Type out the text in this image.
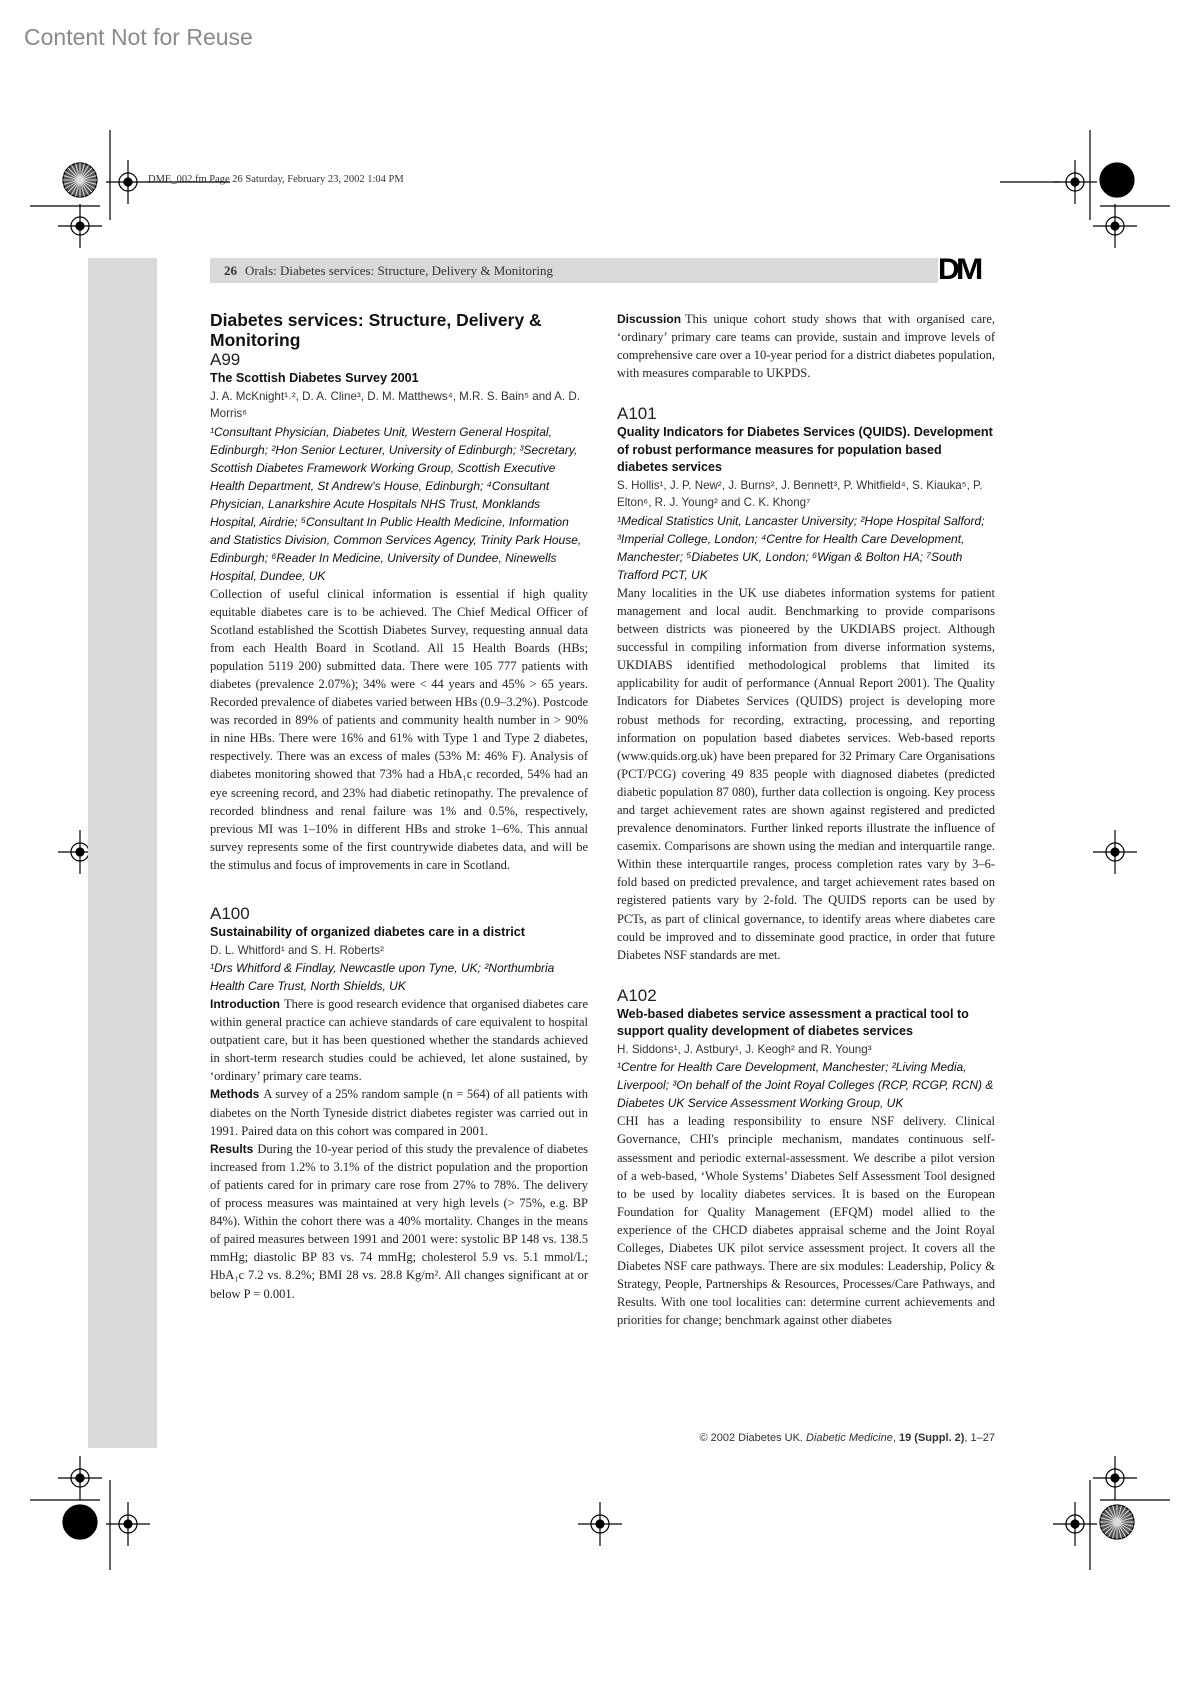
Content Not for Reuse
DME_002.fm Page 26 Saturday, February 23, 2002 1:04 PM
26 Orals: Diabetes services: Structure, Delivery & Monitoring	DM

Diabetes services: Structure, Delivery & Monitoring

A99

The Scottish Diabetes Survey 2001

J. A. McKnight¹˒², D. A. Cline³, D. M. Matthews⁴, M.R. S. Bain⁵ and A. D. Morris⁶

¹Consultant Physician, Diabetes Unit, Western General Hospital, Edinburgh; ²Hon Senior Lecturer, University of Edinburgh; ³Secretary, Scottish Diabetes Framework Working Group, Scottish Executive Health Department, St Andrew's House, Edinburgh; ⁴Consultant Physician, Lanarkshire Acute Hospitals NHS Trust, Monklands Hospital, Airdrie; ⁵Consultant In Public Health Medicine, Information and Statistics Division, Common Services Agency, Trinity Park House, Edinburgh; ⁶Reader In Medicine, University of Dundee, Ninewells Hospital, Dundee, UK

Collection of useful clinical information is essential if high quality equitable diabetes care is to be achieved. The Chief Medical Officer of Scotland established the Scottish Diabetes Survey, requesting annual data from each Health Board in Scotland. All 15 Health Boards (HBs; population 5119 200) submitted data. There were 105 777 patients with diabetes (prevalence 2.07%); 34% were < 44 years and 45% > 65 years. Recorded prevalence of diabetes varied between HBs (0.9–3.2%). Postcode was recorded in 89% of patients and community health number in > 90% in nine HBs. There were 16% and 61% with Type 1 and Type 2 diabetes, respectively. There was an excess of males (53% M: 46% F). Analysis of diabetes monitoring showed that 73% had a HbA₁c recorded, 54% had an eye screening record, and 23% had diabetic retinopathy. The prevalence of recorded blindness and renal failure was 1% and 0.5%, respectively, previous MI was 1–10% in different HBs and stroke 1–6%. This annual survey represents some of the first countrywide diabetes data, and will be the stimulus and focus of improvements in care in Scotland.

A100

Sustainability of organized diabetes care in a district

D. L. Whitford¹ and S. H. Roberts²

¹Drs Whitford & Findlay, Newcastle upon Tyne, UK; ²Northumbria Health Care Trust, North Shields, UK

Introduction There is good research evidence that organised diabetes care within general practice can achieve standards of care equivalent to hospital outpatient care, but it has been questioned whether the standards achieved in short-term research studies could be achieved, let alone sustained, by ‘ordinary’ primary care teams.

Methods A survey of a 25% random sample (n = 564) of all patients with diabetes on the North Tyneside district diabetes register was carried out in 1991. Paired data on this cohort was compared in 2001.

Results During the 10-year period of this study the prevalence of diabetes increased from 1.2% to 3.1% of the district population and the proportion of patients cared for in primary care rose from 27% to 78%. The delivery of process measures was maintained at very high levels (> 75%, e.g. BP 84%). Within the cohort there was a 40% mortality. Changes in the means of paired measures between 1991 and 2001 were: systolic BP 148 vs. 138.5 mmHg; diastolic BP 83 vs. 74 mmHg; cholesterol 5.9 vs. 5.1 mmol/L; HbA₁c 7.2 vs. 8.2%; BMI 28 vs. 28.8 Kg/m². All changes significant at or below P = 0.001.

Discussion This unique cohort study shows that with organised care, ‘ordinary’ primary care teams can provide, sustain and improve levels of comprehensive care over a 10-year period for a district diabetes population, with measures comparable to UKPDS.

A101

Quality Indicators for Diabetes Services (QUIDS). Development of robust performance measures for population based diabetes services

S. Hollis¹, J. P. New², J. Burns², J. Bennett³, P. Whitfield⁴, S. Kiauka⁵, P. Elton⁶, R. J. Young² and C. K. Khong⁷

¹Medical Statistics Unit, Lancaster University; ²Hope Hospital Salford; ³Imperial College, London; ⁴Centre for Health Care Development, Manchester; ⁵Diabetes UK, London; ⁶Wigan & Bolton HA; ⁷South Trafford PCT, UK

Many localities in the UK use diabetes information systems for patient management and local audit. Benchmarking to provide comparisons between districts was pioneered by the UKDIABS project. Although successful in compiling information from diverse information systems, UKDIABS identified methodological problems that limited its applicability for audit of performance (Annual Report 2001). The Quality Indicators for Diabetes Services (QUIDS) project is developing more robust methods for recording, extracting, processing, and reporting information on population based diabetes services. Web-based reports (www.quids.org.uk) have been prepared for 32 Primary Care Organisations (PCT/PCG) covering 49 835 people with diagnosed diabetes (predicted diabetic population 87 080), further data collection is ongoing. Key process and target achievement rates are shown against registered and predicted prevalence denominators. Further linked reports illustrate the influence of casemix. Comparisons are shown using the median and interquartile range. Within these interquartile ranges, process completion rates vary by 3–6-fold based on predicted prevalence, and target achievement rates based on registered patients vary by 2-fold. The QUIDS reports can be used by PCTs, as part of clinical governance, to identify areas where diabetes care could be improved and to disseminate good practice, in order that future Diabetes NSF standards are met.

A102

Web-based diabetes service assessment a practical tool to support quality development of diabetes services

H. Siddons¹, J. Astbury¹, J. Keogh² and R. Young³

¹Centre for Health Care Development, Manchester; ²Living Media, Liverpool; ³On behalf of the Joint Royal Colleges (RCP, RCGP, RCN) & Diabetes UK Service Assessment Working Group, UK

CHI has a leading responsibility to ensure NSF delivery. Clinical Governance, CHI's principle mechanism, mandates continuous self-assessment and periodic external-assessment. We describe a pilot version of a web-based, ‘Whole Systems’ Diabetes Self Assessment Tool designed to be used by locality diabetes services. It is based on the European Foundation for Quality Management (EFQM) model allied to the experience of the CHCD diabetes appraisal scheme and the Joint Royal Colleges, Diabetes UK pilot service assessment project. It covers all the Diabetes NSF care pathways. There are six modules: Leadership, Policy & Strategy, People, Partnerships & Resources, Processes/Care Pathways, and Results. With one tool localities can: determine current achievements and priorities for change; benchmark against other diabetes

© 2002 Diabetes UK. Diabetic Medicine, 19 (Suppl. 2), 1–27
